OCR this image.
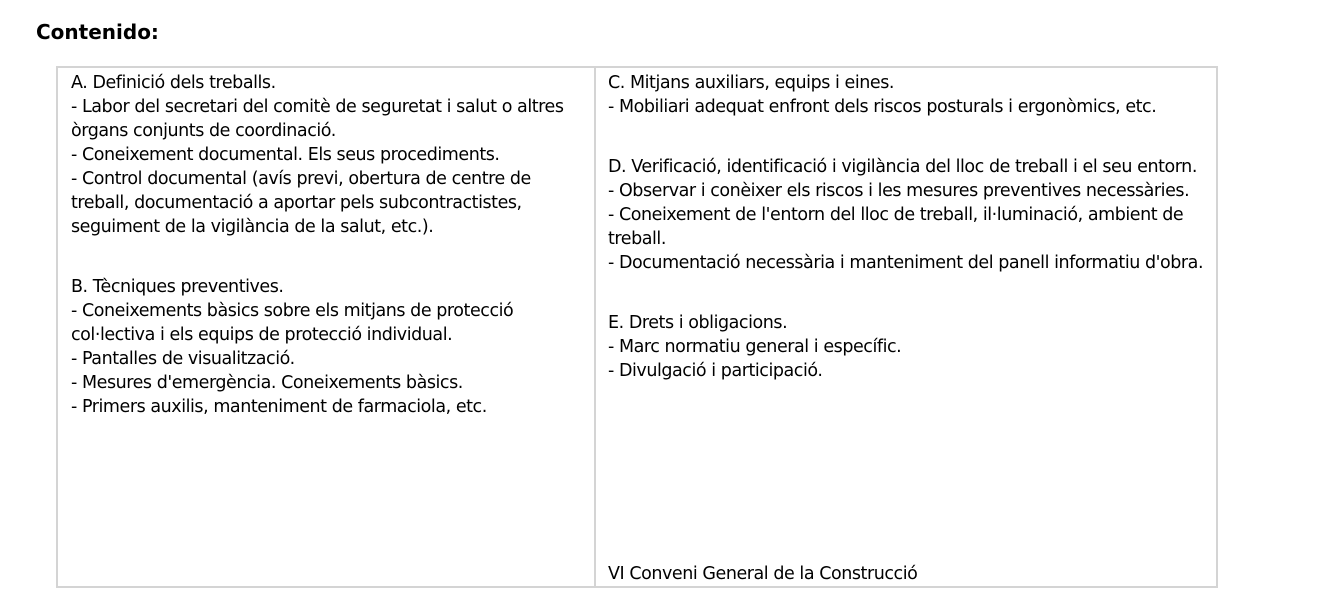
Contenido:
A. Definició dels treballs.
- Labor del secretari del comitè de seguretat i salut o altres òrgans conjunts de coordinació.
- Coneixement documental. Els seus procediments.
- Control documental (avís previ, obertura de centre de treball, documentació a aportar pels subcontractistes, seguiment de la vigilància de la salut, etc.).
B. Tècniques preventives.
- Coneixements bàsics sobre els mitjans de protecció col·lectiva i els equips de protecció individual.
- Pantalles de visualització.
- Mesures d'emergència. Coneixements bàsics.
- Primers auxilis, manteniment de farmaciola, etc.

C. Mitjans auxiliars, equips i eines.
- Mobiliari adequat enfront dels riscos posturals i ergonòmics, etc.
D. Verificació, identificació i vigilància del lloc de treball i el seu entorn.
- Observar i conèixer els riscos i les mesures preventives necessàries.
- Coneixement de l'entorn del lloc de treball, il·luminació, ambient de treball.
- Documentació necessària i manteniment del panell informatiu d'obra.
E. Drets i obligacions.
- Marc normatiu general i específic.
- Divulgació i participació.
VI Conveni General de la Construcció
